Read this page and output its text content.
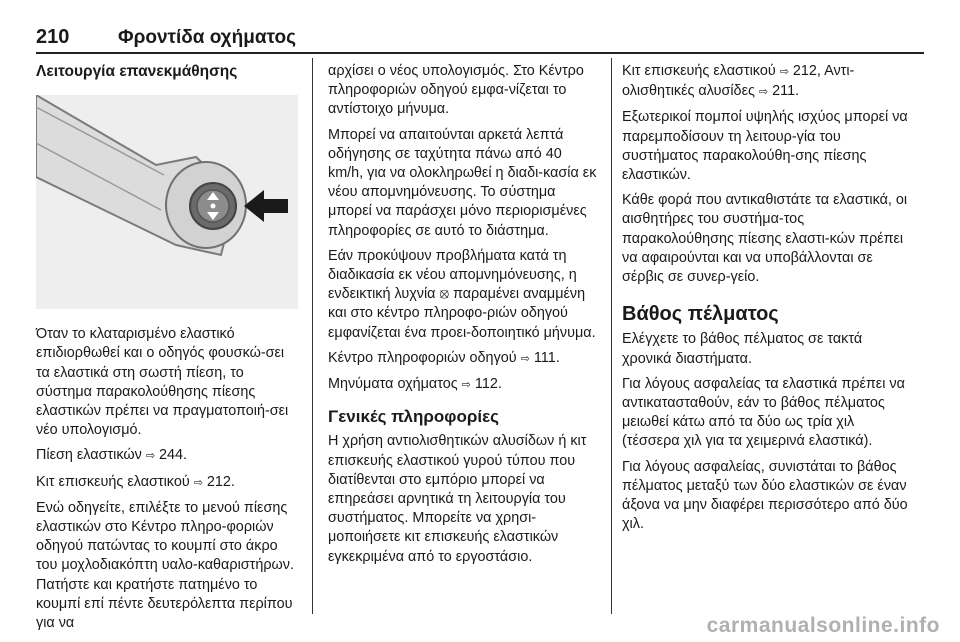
210	Φροντίδα οχήματος
Λειτουργία επανεκμάθησης

Όταν το κλαταρισμένο ελαστικό επιδιορθωθεί και ο οδηγός φουσκώ-σει τα ελαστικά στη σωστή πίεση, το σύστημα παρακολούθησης πίεσης ελαστικών πρέπει να πραγματοποιή-σει νέο υπολογισμό.

Πίεση ελαστικών ⇨ 244.

Κιτ επισκευής ελαστικού ⇨ 212.

Ενώ οδηγείτε, επιλέξτε το μενού πίεσης ελαστικών στο Κέντρο πληρο-φοριών οδηγού πατώντας το κουμπί στο άκρο του μοχλοδιακόπτη υαλο-καθαριστήρων. Πατήστε και κρατήστε πατημένο το κουμπί επί πέντε δευτερόλεπτα περίπου για να

αρχίσει ο νέος υπολογισμός. Στο Κέντρο πληροφοριών οδηγού εμφα-νίζεται το αντίστοιχο μήνυμα.

Μπορεί να απαιτούνται αρκετά λεπτά οδήγησης σε ταχύτητα πάνω από 40 km/h, για να ολοκληρωθεί η διαδι-κασία εκ νέου απομνημόνευσης. Το σύστημα μπορεί να παράσχει μόνο περιορισμένες πληροφορίες σε αυτό το διάστημα.

Εάν προκύψουν προβλήματα κατά τη διαδικασία εκ νέου απομνημόνευσης, η ενδεικτική λυχνία ⦻ παραμένει αναμμένη και στο κέντρο πληροφο-ριών οδηγού εμφανίζεται ένα προει-δοποιητικό μήνυμα.

Κέντρο πληροφοριών οδηγού ⇨ 111.

Μηνύματα οχήματος ⇨ 112.

Γενικές πληροφορίες

Η χρήση αντιολισθητικών αλυσίδων ή κιτ επισκευής ελαστικού γυρού τύπου που διατίθενται στο εμπόριο μπορεί να επηρεάσει αρνητικά τη λειτουργία του συστήματος. Μπορείτε να χρησι-μοποιήσετε κιτ επισκευής ελαστικών εγκεκριμένα από το εργοστάσιο.

Κιτ επισκευής ελαστικού ⇨ 212, Αντι-ολισθητικές αλυσίδες ⇨ 211.

Εξωτερικοί πομποί υψηλής ισχύος μπορεί να παρεμποδίσουν τη λειτουρ-γία του συστήματος παρακολούθη-σης πίεσης ελαστικών.

Κάθε φορά που αντικαθιστάτε τα ελαστικά, οι αισθητήρες του συστήμα-τος παρακολούθησης πίεσης ελαστι-κών πρέπει να αφαιρούνται και να υποβάλλονται σε σέρβις σε συνερ-γείο.

Βάθος πέλματος

Ελέγχετε το βάθος πέλματος σε τακτά χρονικά διαστήματα.

Για λόγους ασφαλείας τα ελαστικά πρέπει να αντικατασταθούν, εάν το βάθος πέλματος μειωθεί κάτω από τα δύο ως τρία χιλ (τέσσερα χιλ για τα χειμερινά ελαστικά).

Για λόγους ασφαλείας, συνιστάται το βάθος πέλματος μεταξύ των δύο ελαστικών σε έναν άξονα να μην διαφέρει περισσότερο από δύο χιλ.

carmanualsonline.info
